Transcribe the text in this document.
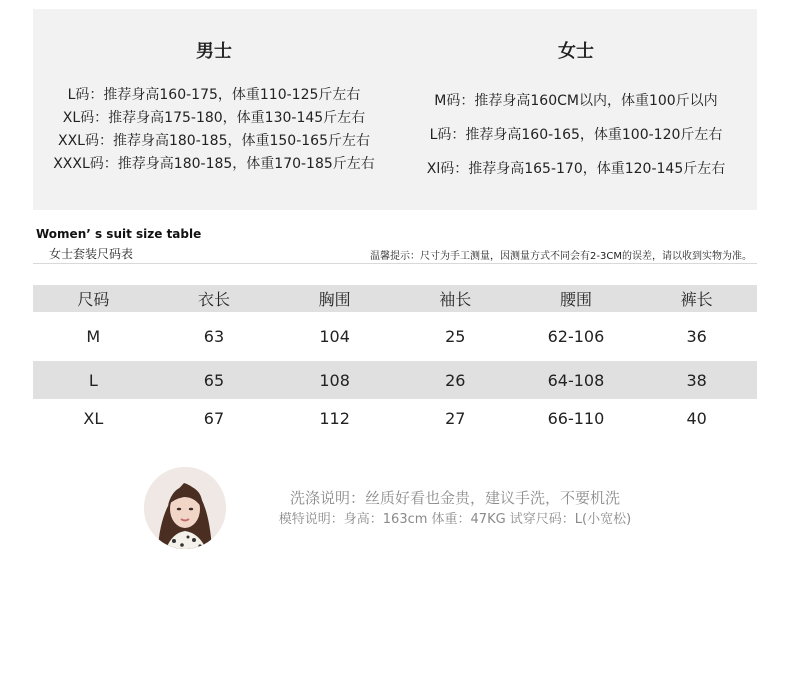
男士
L码：推荐身高160-175，体重110-125斤左右
XL码：推荐身高175-180，体重130-145斤左右
XXL码：推荐身高180-185，体重150-165斤左右
XXXL码：推荐身高180-185，体重170-185斤左右
女士
M码：推荐身高160CM以内，体重100斤以内
L码：推荐身高160-165，体重100-120斤左右
Xl码：推荐身高165-170，体重120-145斤左右
Women’ s suit size table
女士套装尺码表	温馨提示：尺寸为手工测量，因测量方式不同会有2-3CM的误差，请以收到实物为准。
尺码	衣长	胸围	袖长	腰围	裤长
M	63	104	25	62-106	36
L	65	108	26	64-108	38
XL	67	112	27	66-110	40
洗涤说明：丝质好看也金贵，建议手洗，不要机洗
模特说明：身高：163cm 体重：47KG 试穿尺码：L(小宽松)
